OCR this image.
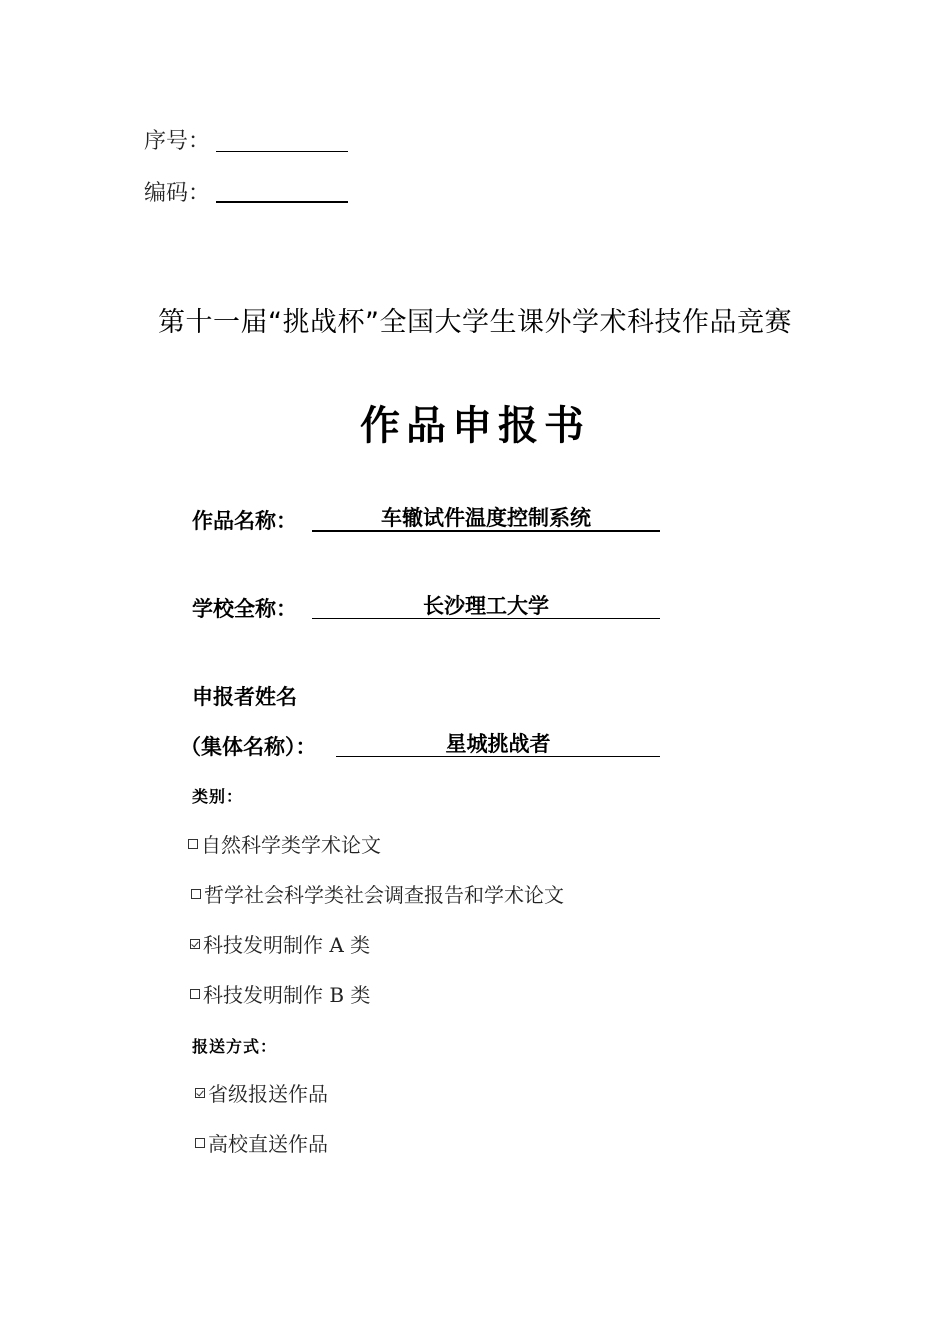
序号：
编码：
第十一届“挑战杯”全国大学生课外学术科技作品竞赛
作品申报书
作品名称：	车辙试件温度控制系统
学校全称：	长沙理工大学
申报者姓名
（集体名称）：	星城挑战者
类别：
自然科学类学术论文
哲学社会科学类社会调查报告和学术论文
科技发明制作 A 类
科技发明制作 B 类
报送方式：
省级报送作品
高校直送作品
